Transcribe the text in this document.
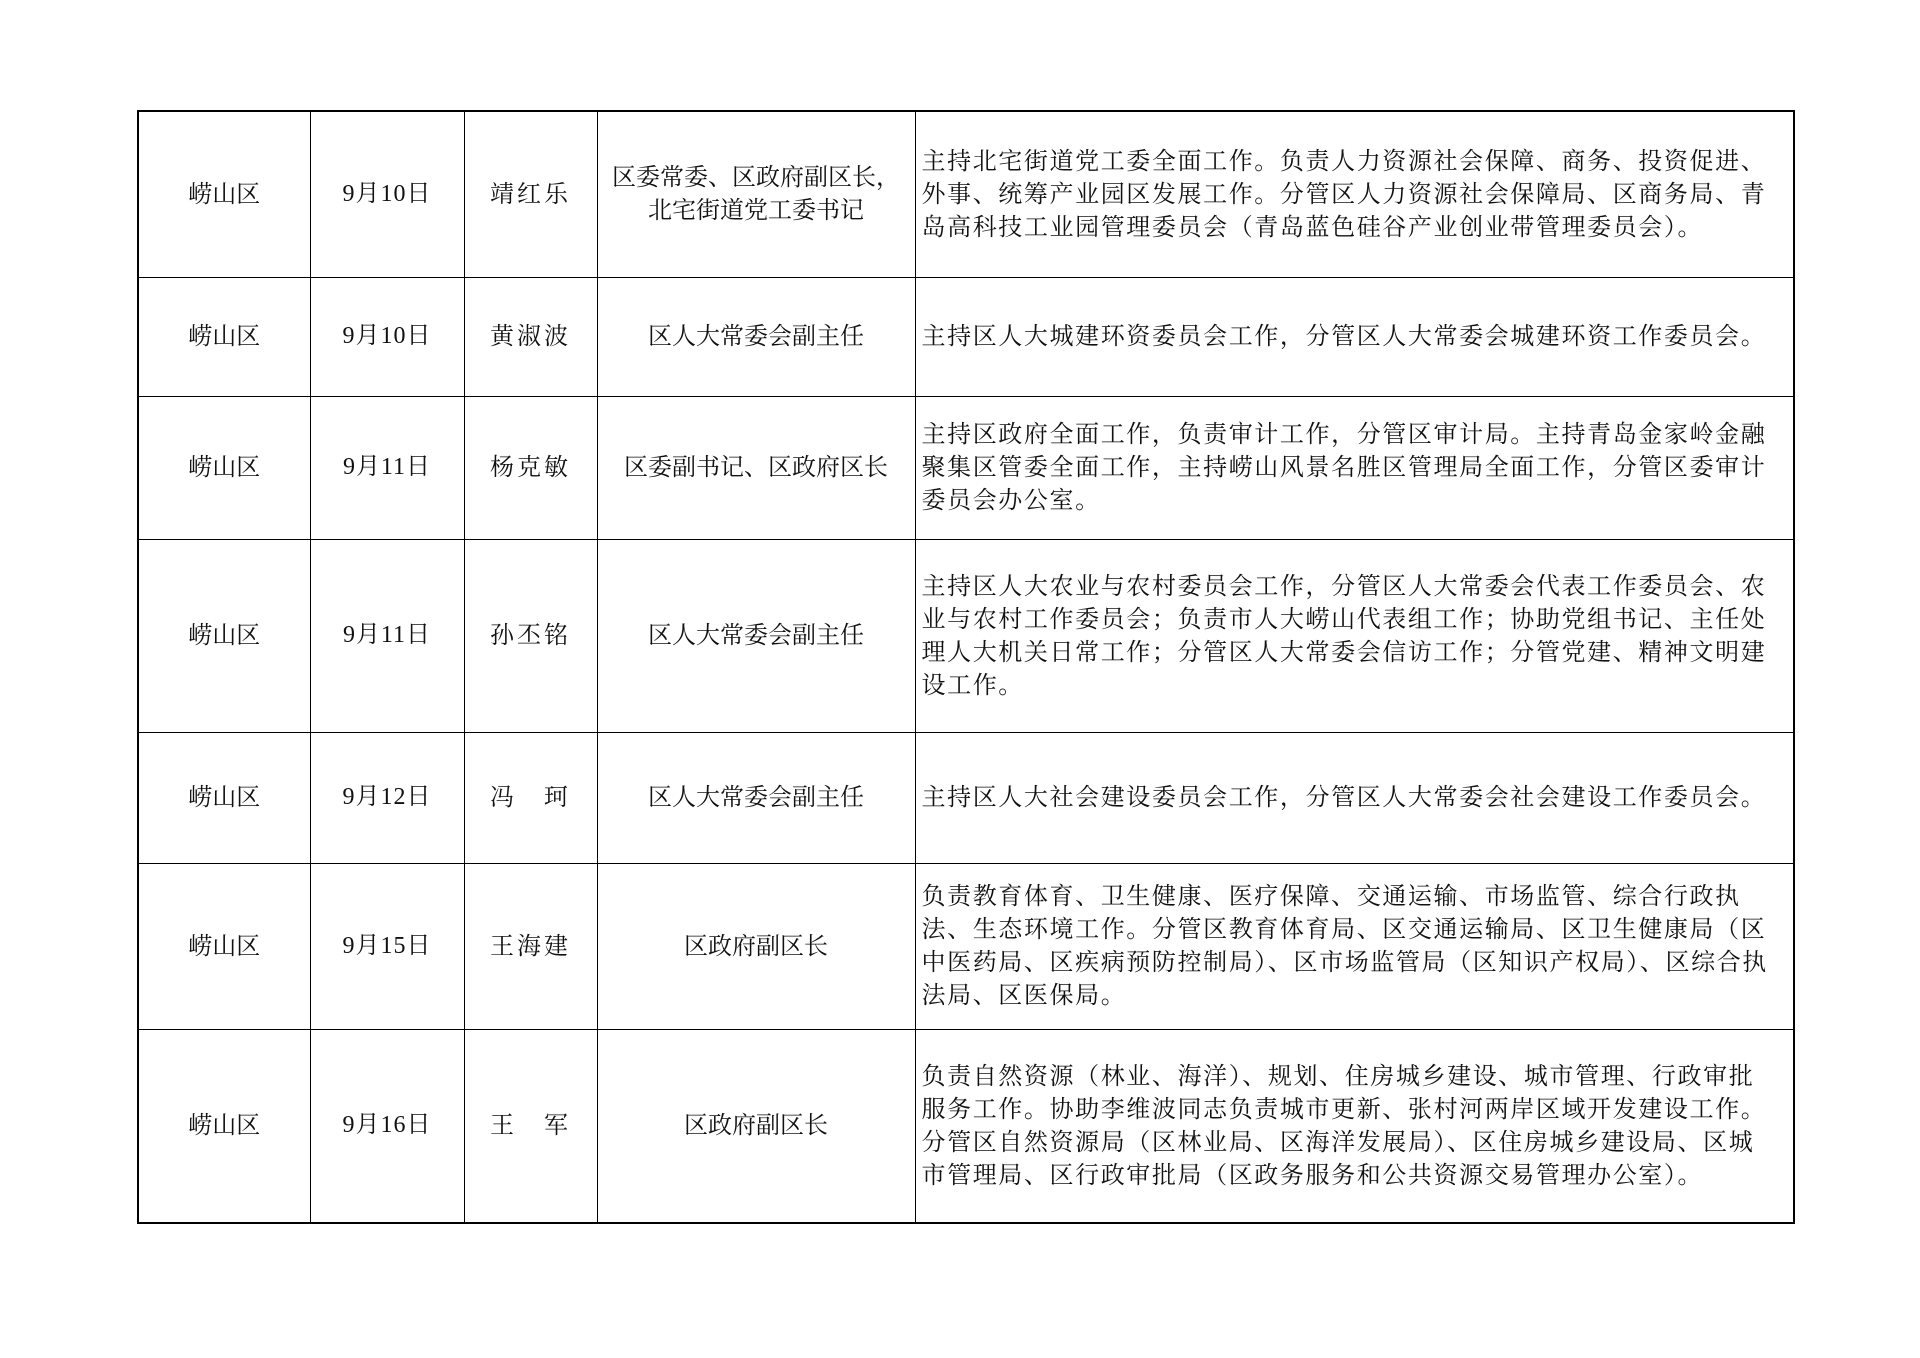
崂山区	9月10日	靖红乐	区委常委、区政府副区长，北宅街道党工委书记	主持北宅街道党工委全面工作。负责人力资源社会保障、商务、投资促进、外事、统筹产业园区发展工作。分管区人力资源社会保障局、区商务局、青岛高科技工业园管理委员会（青岛蓝色硅谷产业创业带管理委员会）。
崂山区	9月10日	黄淑波	区人大常委会副主任	主持区人大城建环资委员会工作，分管区人大常委会城建环资工作委员会。
崂山区	9月11日	杨克敏	区委副书记、区政府区长	主持区政府全面工作，负责审计工作，分管区审计局。主持青岛金家岭金融聚集区管委全面工作，主持崂山风景名胜区管理局全面工作，分管区委审计委员会办公室。
崂山区	9月11日	孙丕铭	区人大常委会副主任	主持区人大农业与农村委员会工作，分管区人大常委会代表工作委员会、农业与农村工作委员会；负责市人大崂山代表组工作；协助党组书记、主任处理人大机关日常工作；分管区人大常委会信访工作；分管党建、精神文明建设工作。
崂山区	9月12日	冯　珂	区人大常委会副主任	主持区人大社会建设委员会工作，分管区人大常委会社会建设工作委员会。
崂山区	9月15日	王海建	区政府副区长	负责教育体育、卫生健康、医疗保障、交通运输、市场监管、综合行政执法、生态环境工作。分管区教育体育局、区交通运输局、区卫生健康局（区中医药局、区疾病预防控制局）、区市场监管局（区知识产权局）、区综合执法局、区医保局。
崂山区	9月16日	王　军	区政府副区长	负责自然资源（林业、海洋）、规划、住房城乡建设、城市管理、行政审批服务工作。协助李维波同志负责城市更新、张村河两岸区域开发建设工作。分管区自然资源局（区林业局、区海洋发展局）、区住房城乡建设局、区城市管理局、区行政审批局（区政务服务和公共资源交易管理办公室）。
